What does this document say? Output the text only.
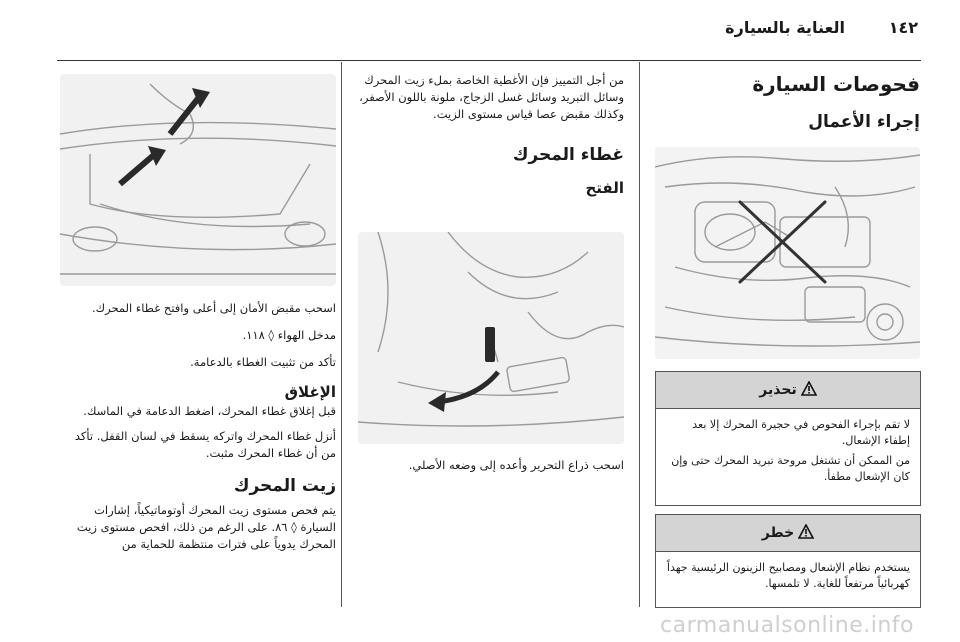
١٤٢
العناية بالسيارة
فحوصات السيارة
إجراء الأعمال
تحذير

لا تقم بإجراء الفحوص في حجيرة المحرك إلا بعد إطفاء الإشعال.

من الممكن أن تشتغل مروحة تبريد المحرك حتى وإن كان الإشعال مطفأ.

خطر

يستخدم نظام الإشعال ومصابيح الزينون الرئيسية جهداً كهربائياً مرتفعاً للغاية. لا تلمسها.

من أجل التمييز فإن الأغطية الخاصة بملء زيت المحرك وسائل التبريد وسائل غسل الزجاج، ملونة باللون الأصفر، وكذلك مقبض عصا قياس مستوى الزيت.

غطاء المحرك
الفتح

اسحب ذراع التحرير وأعده إلى وضعه الأصلي.

اسحب مقبض الأمان إلى أعلى وافتح غطاء المحرك.

مدخل الهواء ◊ ١١٨.

تأكد من تثبيت الغطاء بالدعامة.

الإغلاق

قبل إغلاق غطاء المحرك، اضغط الدعامة في الماسك.

أنزل غطاء المحرك واتركه يسقط في لسان القفل. تأكد من أن غطاء المحرك مثبت.

زيت المحرك

يتم فحص مستوى زيت المحرك أوتوماتيكياً، إشارات السيارة ◊ ٨٦. على الرغم من ذلك، افحص مستوى زيت المحرك يدوياً على فترات منتظمة للحماية من

carmanualsonline.info
